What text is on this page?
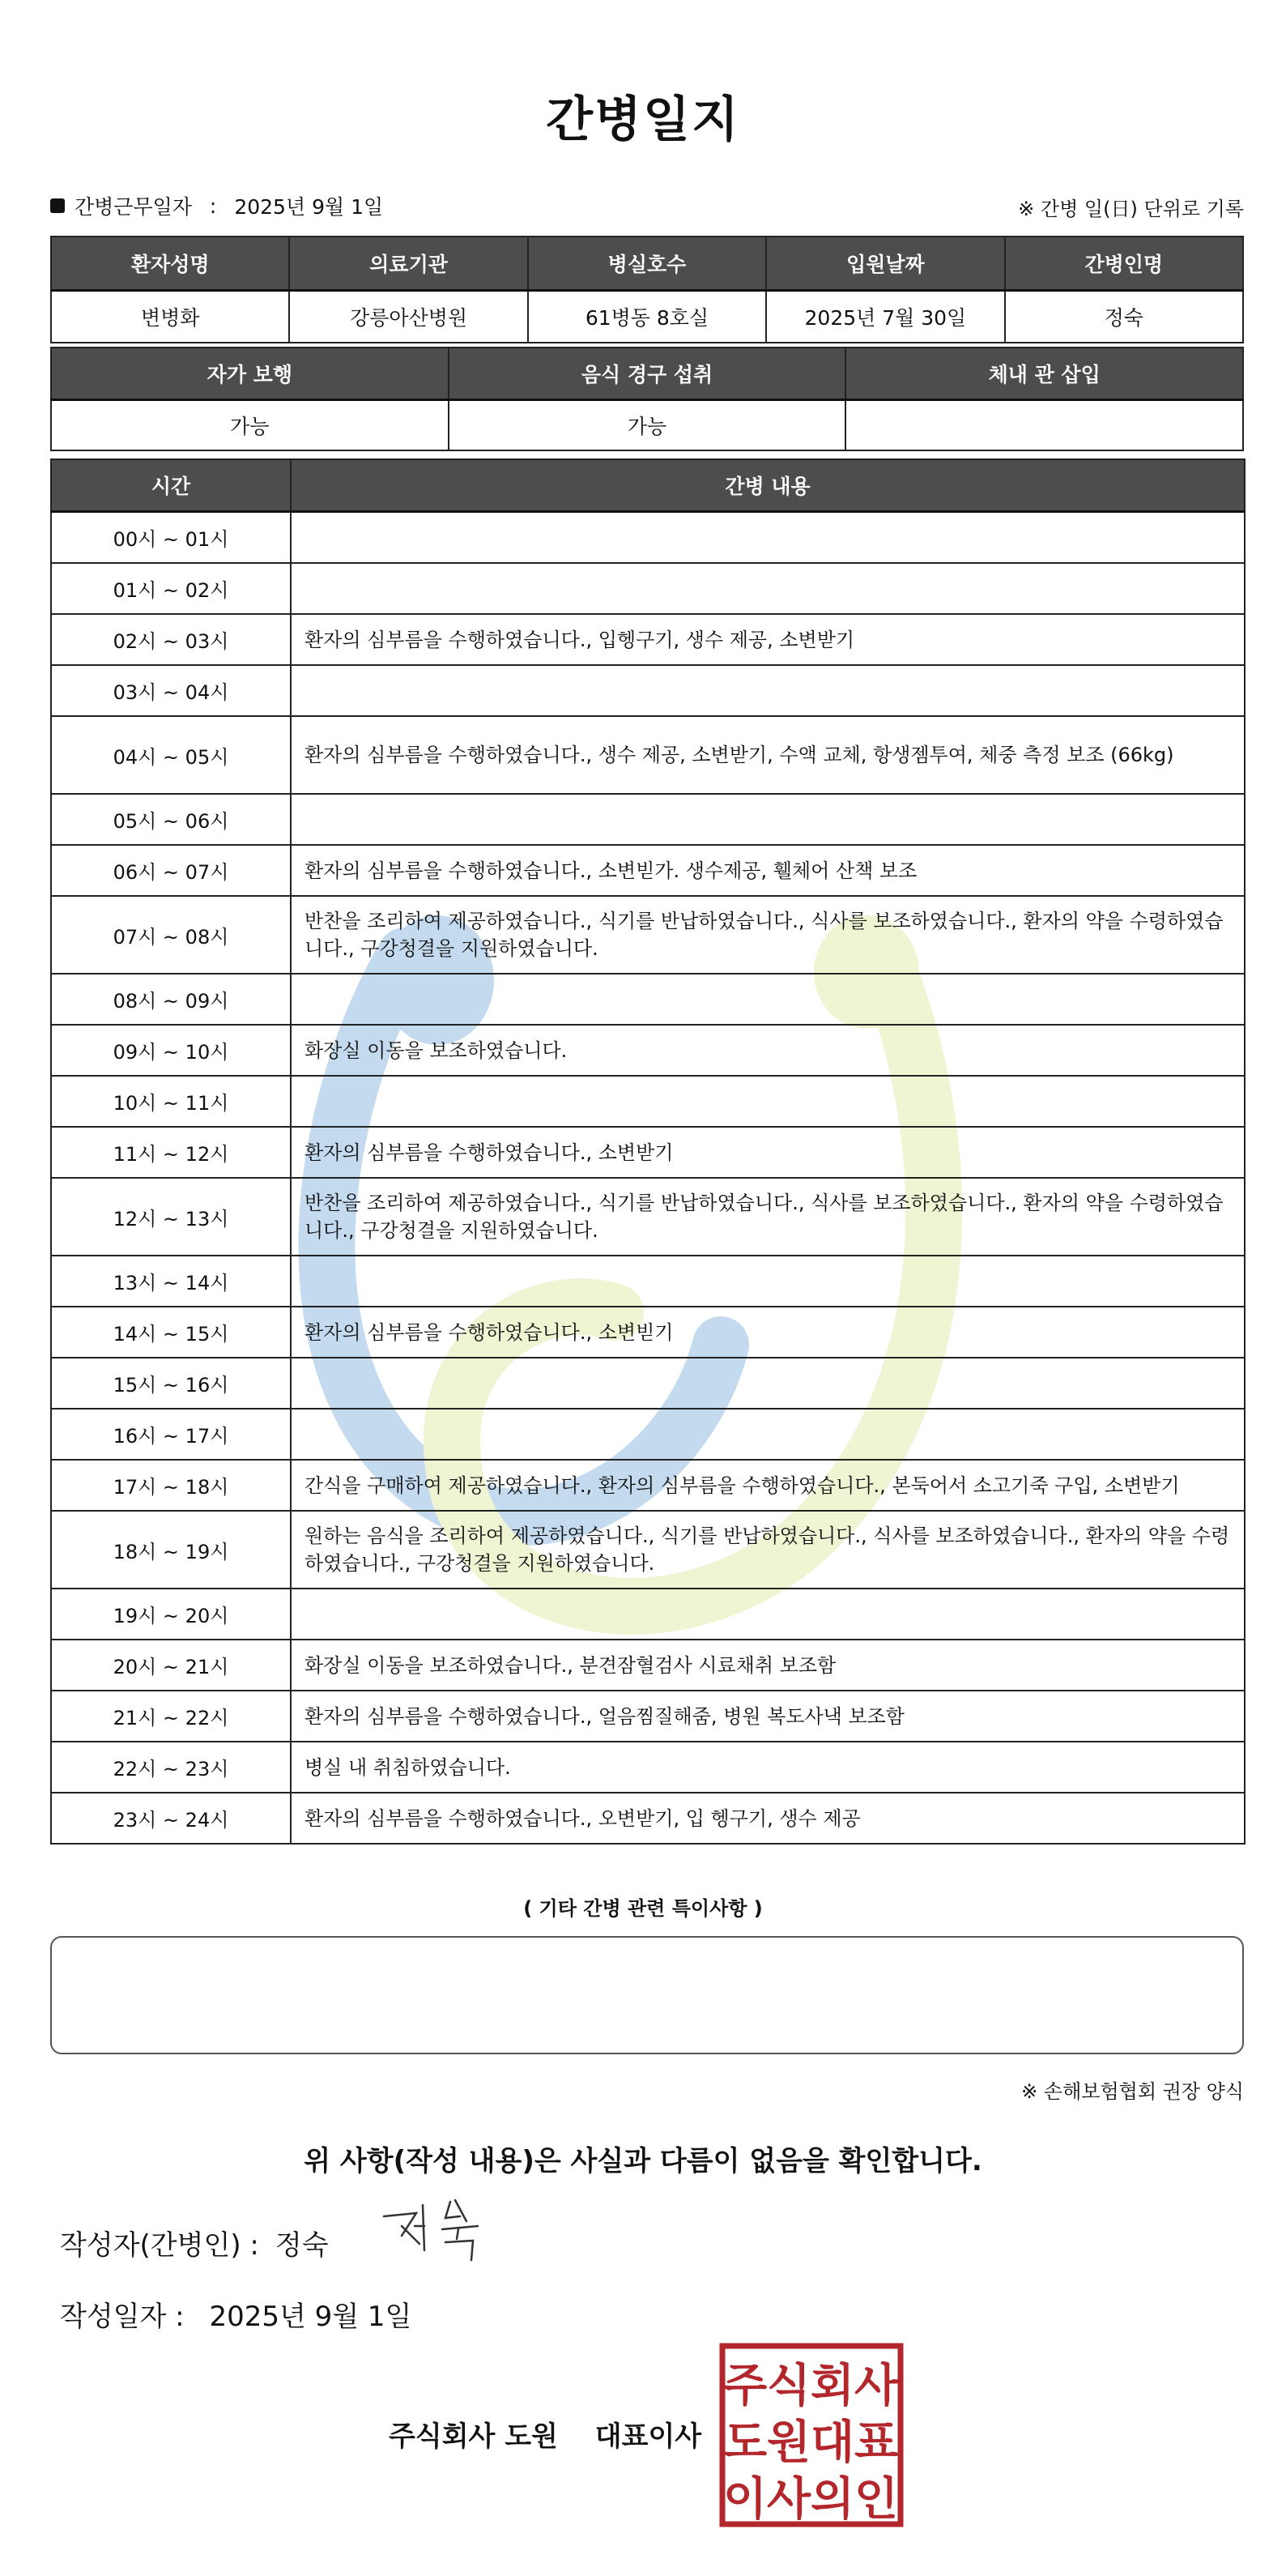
간병일지
간병근무일자 : 2025년 9월 1일	※ 간병 일(日) 단위로 기록
환자성명	의료기관	병실호수	입원날짜	간병인명
변병화	강릉아산병원	61병동 8호실	2025년 7월 30일	정숙
자가 보행	음식 경구 섭취	체내 관 삽입
가능	가능	
시간	간병 내용
00시 ~ 01시	
01시 ~ 02시	
02시 ~ 03시	환자의 심부름을 수행하였습니다., 입헹구기, 생수 제공, 소변받기
03시 ~ 04시	
04시 ~ 05시	환자의 심부름을 수행하였습니다., 생수 제공, 소변받기, 수액 교체, 항생젬투여, 체중 측정 보조 (66kg)
05시 ~ 06시	
06시 ~ 07시	환자의 심부름을 수행하였습니다., 소변빋가. 생수제공, 휄체어 산책 보조
07시 ~ 08시	반찬을 조리하여 제공하였습니다., 식기를 반납하였습니다., 식사를 보조하였습니다., 환자의 약을 수령하였습니다., 구강청결을 지원하였습니다.
08시 ~ 09시	
09시 ~ 10시	화장실 이동을 보조하였습니다.
10시 ~ 11시	
11시 ~ 12시	환자의 심부름을 수행하였습니다., 소변받기
12시 ~ 13시	반찬을 조리하여 제공하였습니다., 식기를 반납하였습니다., 식사를 보조하였습니다., 환자의 약을 수령하였습니다., 구강청결을 지원하였습니다.
13시 ~ 14시	
14시 ~ 15시	환자의 심부름을 수행하였습니다., 소변빋기
15시 ~ 16시	
16시 ~ 17시	
17시 ~ 18시	간식을 구매하여 제공하였습니다., 환자의 심부름을 수행하였습니다., 본둑어서 소고기죽 구입, 소변받기
18시 ~ 19시	원하는 음식을 조리하여 제공하였습니다., 식기를 반납하였습니다., 식사를 보조하였습니다., 환자의 약을 수령하였습니다., 구강청결을 지원하였습니다.
19시 ~ 20시	
20시 ~ 21시	화장실 이동을 보조하였습니다., 분견잠혈검사 시료채취 보조함
21시 ~ 22시	환자의 심부름을 수행하였습니다., 얼음찜질해줌, 병원 복도사낵 보조함
22시 ~ 23시	병실 내 취침하였습니다.
23시 ~ 24시	환자의 심부름을 수행하였습니다., 오변받기, 입 헹구기, 생수 제공
( 기타 간병 관련 특이사항 )
※ 손해보험협회 권장 양식
위 사항(작성 내용)은 사실과 다름이 없음을 확인합니다.
작성자(간병인) : 정숙
작성일자 : 2025년 9월 1일
주식회사 도원 대표이사
주 식 회 사
도 원 대 표
이 사 의 인
